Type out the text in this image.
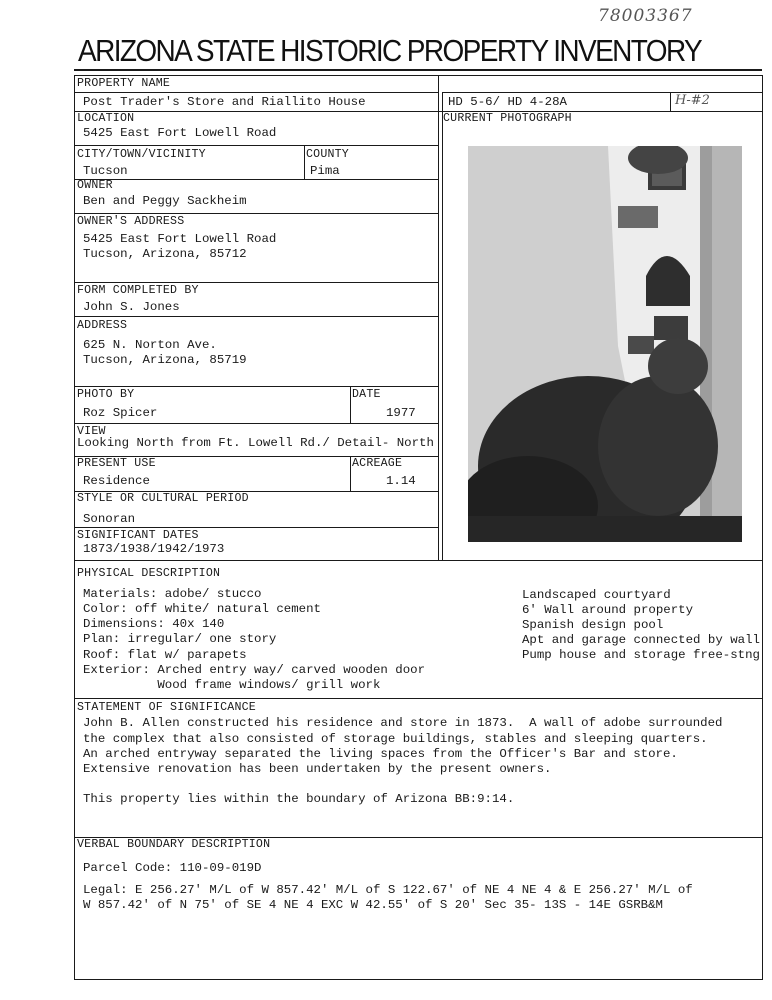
78003367
ARIZONA STATE HISTORIC PROPERTY INVENTORY
PROPERTY NAME
Post Trader's Store and Riallito House	HD 5-6/ HD 4-28A	H-#2
LOCATION
5425 East Fort Lowell Road
CITY/TOWN/VICINITY
Tucson
COUNTY
Pima
OWNER
Ben and Peggy Sackheim
OWNER'S ADDRESS
5425 East Fort Lowell Road
Tucson, Arizona, 85712
FORM COMPLETED BY
John S. Jones
ADDRESS
625 N. Norton Ave.
Tucson, Arizona, 85719
PHOTO BY
Roz Spicer
DATE
1977
VIEW
Looking North from Ft. Lowell Rd./ Detail- North
PRESENT USE
Residence
ACREAGE
1.14
STYLE OR CULTURAL PERIOD
Sonoran
SIGNIFICANT DATES
1873/1938/1942/1973
CURRENT PHOTOGRAPH
PHYSICAL DESCRIPTION
Materials: adobe/ stucco
Color: off white/ natural cement
Dimensions: 40x 140
Plan: irregular/ one story
Roof: flat w/ parapets
Exterior: Arched entry way/ carved wooden door
Wood frame windows/ grill work
Landscaped courtyard
6' Wall around property
Spanish design pool
Apt and garage connected by wall
Pump house and storage free-stng
STATEMENT OF SIGNIFICANCE
John B. Allen constructed his residence and store in 1873.  A wall of adobe surrounded
the complex that also consisted of storage buildings, stables and sleeping quarters.
An arched entryway separated the living spaces from the Officer's Bar and store.
Extensive renovation has been undertaken by the present owners.
This property lies within the boundary of Arizona BB:9:14.
VERBAL BOUNDARY DESCRIPTION
Parcel Code: 110-09-019D
Legal: E 256.27' M/L of W 857.42' M/L of S 122.67' of NE 4 NE 4 & E 256.27' M/L of
W 857.42' of N 75' of SE 4 NE 4 EXC W 42.55' of S 20' Sec 35- 13S - 14E GSRB&M
